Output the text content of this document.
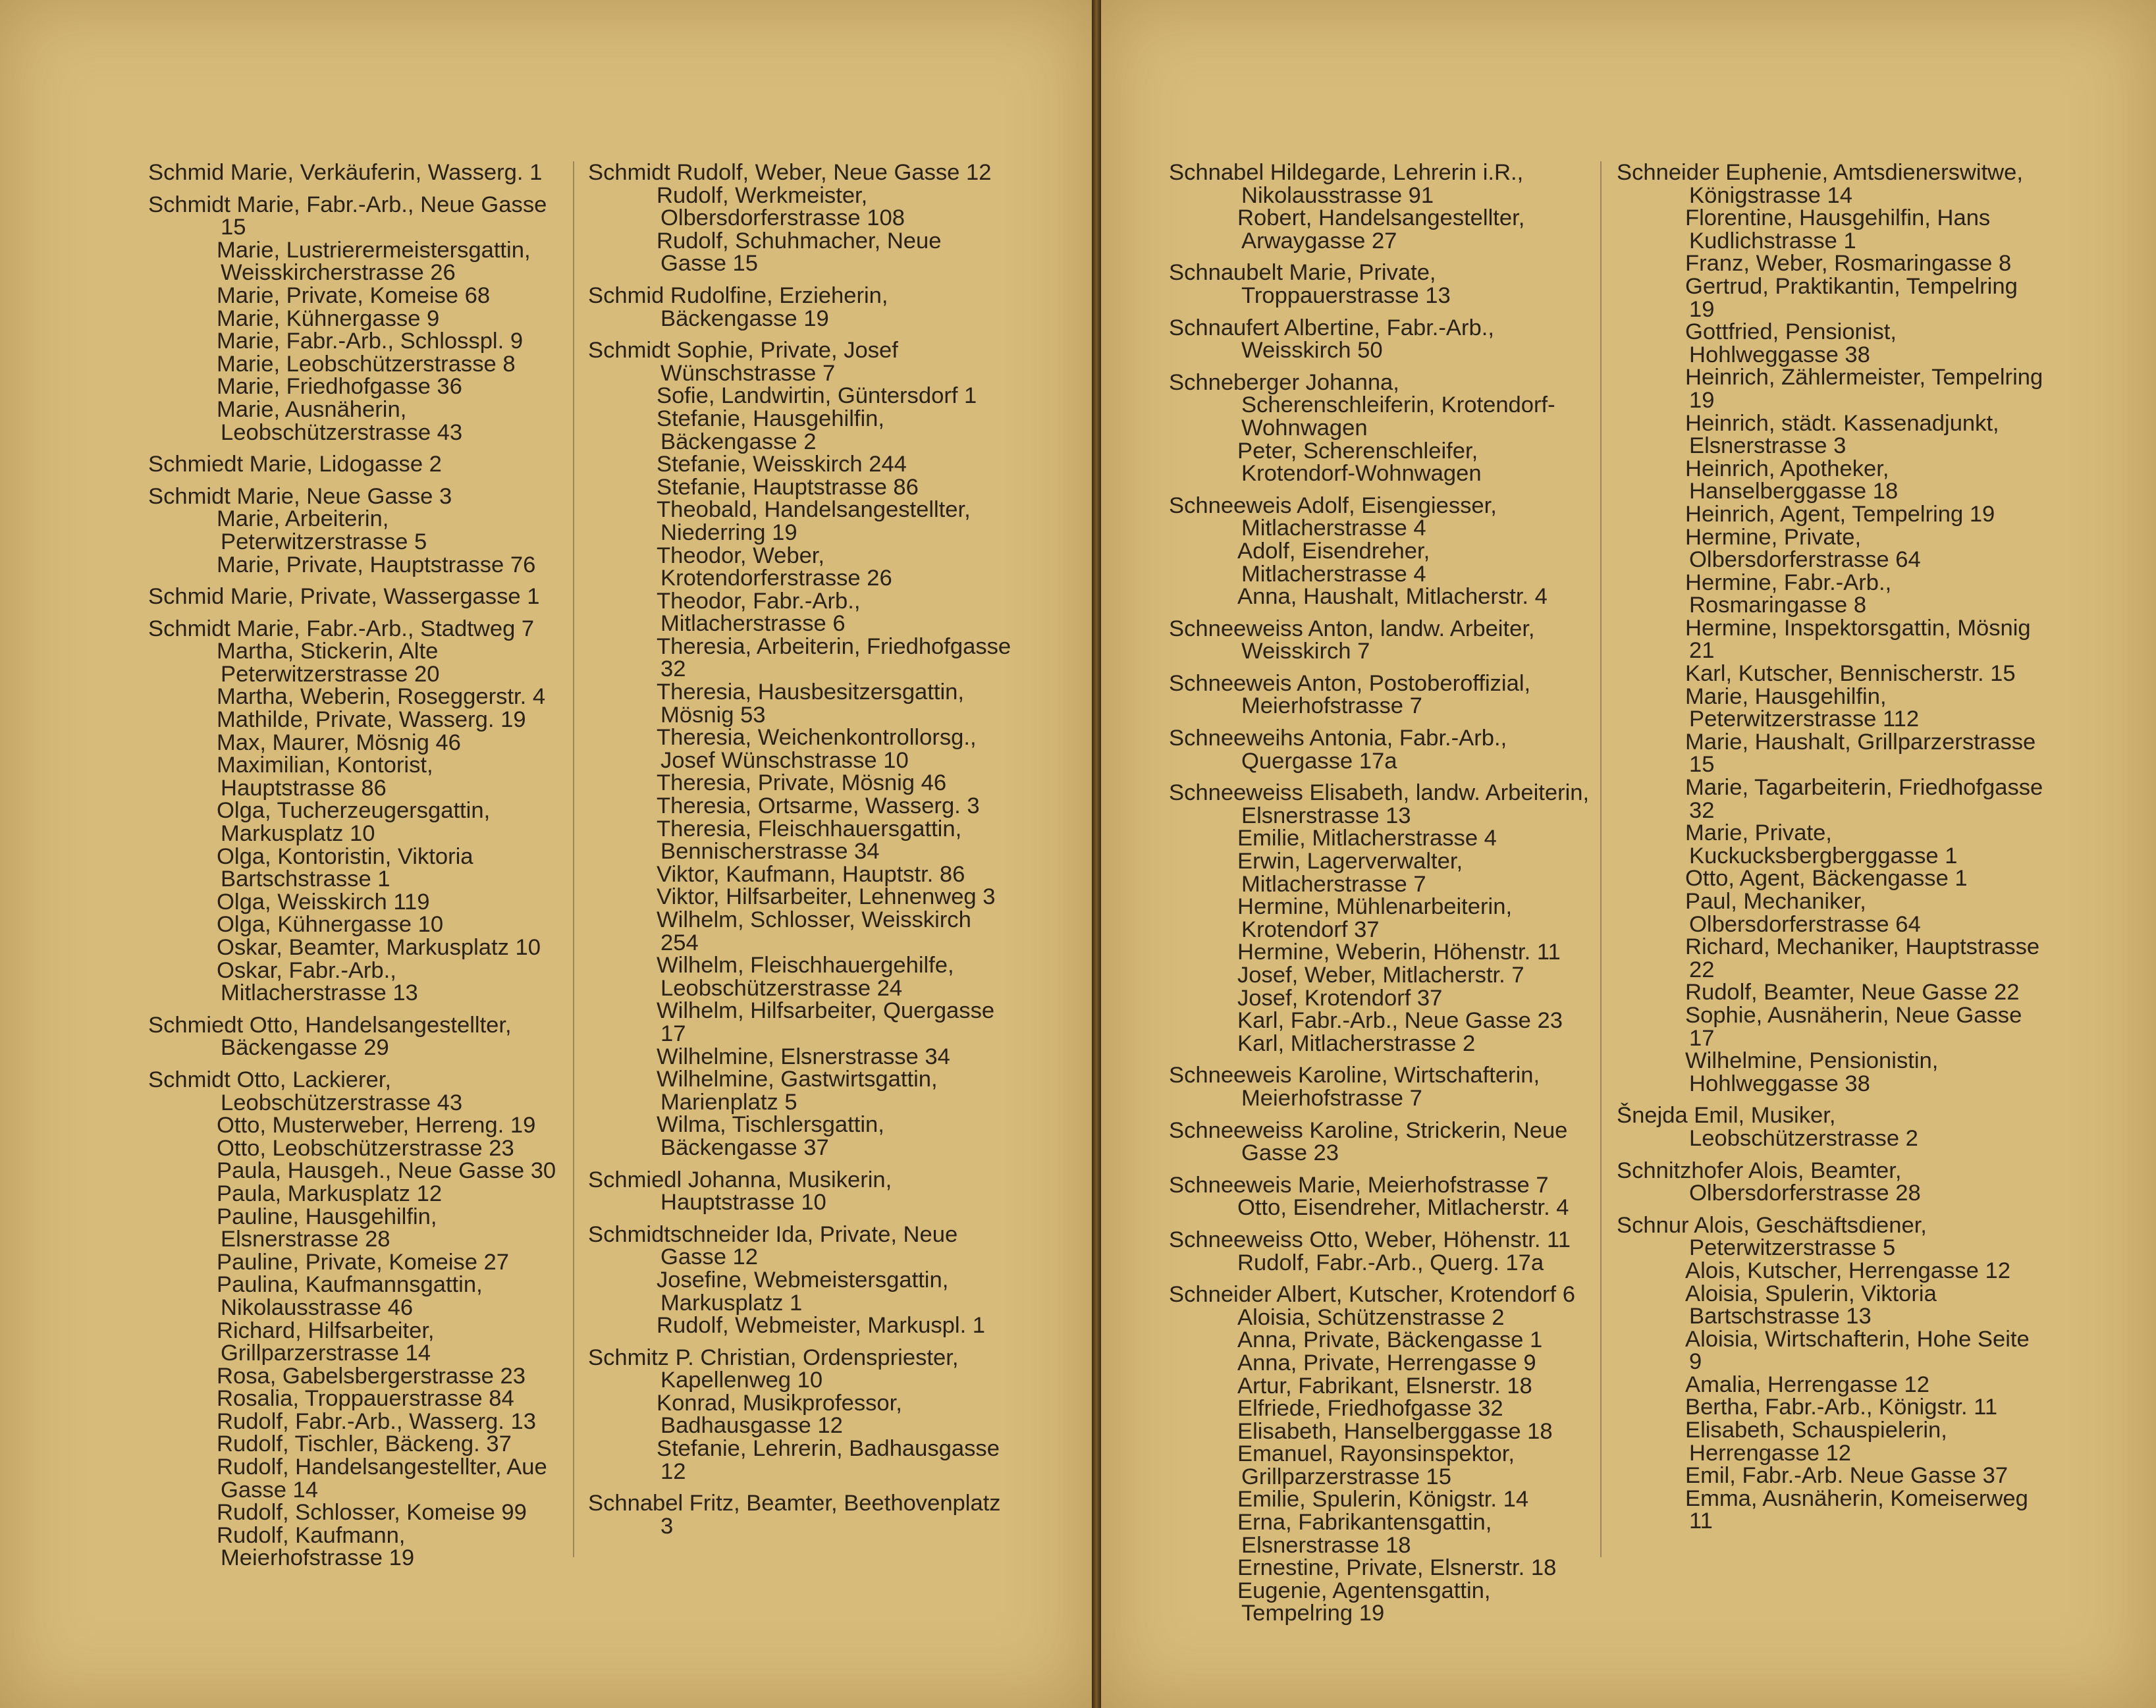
Schmid Marie, Verkäuferin, Wasserg. 1

Schmidt Marie, Fabr.-Arb., Neue Gasse 15

Marie, Lustrierermeistersgattin, Weisskircherstrasse 26

Marie, Private, Komeise 68

Marie, Kühnergasse 9

Marie, Fabr.-Arb., Schlosspl. 9

Marie, Leobschützerstrasse 8

Marie, Friedhofgasse 36

Marie, Ausnäherin, Leobschützerstrasse 43

Schmiedt Marie, Lidogasse 2

Schmidt Marie, Neue Gasse 3

Marie, Arbeiterin, Peterwitzerstrasse 5

Marie, Private, Hauptstrasse 76

Schmid Marie, Private, Wassergasse 1

Schmidt Marie, Fabr.-Arb., Stadtweg 7

Martha, Stickerin, Alte Peterwitzerstrasse 20

Martha, Weberin, Roseggerstr. 4

Mathilde, Private, Wasserg. 19

Max, Maurer, Mösnig 46

Maximilian, Kontorist, Hauptstrasse 86

Olga, Tucherzeugersgattin, Markusplatz 10

Olga, Kontoristin, Viktoria Bartschstrasse 1

Olga, Weisskirch 119

Olga, Kühnergasse 10

Oskar, Beamter, Markusplatz 10

Oskar, Fabr.-Arb., Mitlacherstrasse 13

Schmiedt Otto, Handelsangestellter, Bäckengasse 29

Schmidt Otto, Lackierer, Leobschützerstrasse 43

Otto, Musterweber, Herreng. 19

Otto, Leobschützerstrasse 23

Paula, Hausgeh., Neue Gasse 30

Paula, Markusplatz 12

Pauline, Hausgehilfin, Elsnerstrasse 28

Pauline, Private, Komeise 27

Paulina, Kaufmannsgattin, Nikolausstrasse 46

Richard, Hilfsarbeiter, Grillparzerstrasse 14

Rosa, Gabelsbergerstrasse 23

Rosalia, Troppauerstrasse 84

Rudolf, Fabr.-Arb., Wasserg. 13

Rudolf, Tischler, Bäckeng. 37

Rudolf, Handelsangestellter, Aue Gasse 14

Rudolf, Schlosser, Komeise 99

Rudolf, Kaufmann, Meierhofstrasse 19

Schmidt Rudolf, Weber, Neue Gasse 12

Rudolf, Werkmeister, Olbersdorferstrasse 108

Rudolf, Schuhmacher, Neue Gasse 15

Schmid Rudolfine, Erzieherin, Bäckengasse 19

Schmidt Sophie, Private, Josef Wünschstrasse 7

Sofie, Landwirtin, Güntersdorf 1

Stefanie, Hausgehilfin, Bäckengasse 2

Stefanie, Weisskirch 244

Stefanie, Hauptstrasse 86

Theobald, Handelsangestellter, Niederring 19

Theodor, Weber, Krotendorferstrasse 26

Theodor, Fabr.-Arb., Mitlacherstrasse 6

Theresia, Arbeiterin, Friedhofgasse 32

Theresia, Hausbesitzersgattin, Mösnig 53

Theresia, Weichenkontrollorsg., Josef Wünschstrasse 10

Theresia, Private, Mösnig 46

Theresia, Ortsarme, Wasserg. 3

Theresia, Fleischhauersgattin, Bennischerstrasse 34

Viktor, Kaufmann, Hauptstr. 86

Viktor, Hilfsarbeiter, Lehnenweg 3

Wilhelm, Schlosser, Weisskirch 254

Wilhelm, Fleischhauergehilfe, Leobschützerstrasse 24

Wilhelm, Hilfsarbeiter, Quergasse 17

Wilhelmine, Elsnerstrasse 34

Wilhelmine, Gastwirtsgattin, Marienplatz 5

Wilma, Tischlersgattin, Bäckengasse 37

Schmiedl Johanna, Musikerin, Hauptstrasse 10

Schmidtschneider Ida, Private, Neue Gasse 12

Josefine, Webmeistersgattin, Markusplatz 1

Rudolf, Webmeister, Markuspl. 1

Schmitz P. Christian, Ordenspriester, Kapellenweg 10

Konrad, Musikprofessor, Badhausgasse 12

Stefanie, Lehrerin, Badhausgasse 12

Schnabel Fritz, Beamter, Beethovenplatz 3

Schnabel Hildegarde, Lehrerin i.R., Nikolausstrasse 91

Robert, Handelsangestellter, Arwaygasse 27

Schnaubelt Marie, Private, Troppauerstrasse 13

Schnaufert Albertine, Fabr.-Arb., Weisskirch 50

Schneberger Johanna, Scherenschleiferin, Krotendorf-Wohnwagen

Peter, Scherenschleifer, Krotendorf-Wohnwagen

Schneeweis Adolf, Eisengiesser, Mitlacherstrasse 4

Adolf, Eisendreher, Mitlacherstrasse 4

Anna, Haushalt, Mitlacherstr. 4

Schneeweiss Anton, landw. Arbeiter, Weisskirch 7

Schneeweis Anton, Postoberoffizial, Meierhofstrasse 7

Schneeweihs Antonia, Fabr.-Arb., Quergasse 17a

Schneeweiss Elisabeth, landw. Arbeiterin, Elsnerstrasse 13

Emilie, Mitlacherstrasse 4

Erwin, Lagerverwalter, Mitlacherstrasse 7

Hermine, Mühlenarbeiterin, Krotendorf 37

Hermine, Weberin, Höhenstr. 11

Josef, Weber, Mitlacherstr. 7

Josef, Krotendorf 37

Karl, Fabr.-Arb., Neue Gasse 23

Karl, Mitlacherstrasse 2

Schneeweis Karoline, Wirtschafterin, Meierhofstrasse 7

Schneeweiss Karoline, Strickerin, Neue Gasse 23

Schneeweis Marie, Meierhofstrasse 7

Otto, Eisendreher, Mitlacherstr. 4

Schneeweiss Otto, Weber, Höhenstr. 11

Rudolf, Fabr.-Arb., Querg. 17a

Schneider Albert, Kutscher, Krotendorf 6

Aloisia, Schützenstrasse 2

Anna, Private, Bäckengasse 1

Anna, Private, Herrengasse 9

Artur, Fabrikant, Elsnerstr. 18

Elfriede, Friedhofgasse 32

Elisabeth, Hanselberggasse 18

Emanuel, Rayonsinspektor, Grillparzerstrasse 15

Emilie, Spulerin, Königstr. 14

Erna, Fabrikantensgattin, Elsnerstrasse 18

Ernestine, Private, Elsnerstr. 18

Eugenie, Agentensgattin, Tempelring 19

Schneider Euphenie, Amtsdienerswitwe, Königstrasse 14

Florentine, Hausgehilfin, Hans Kudlichstrasse 1

Franz, Weber, Rosmaringasse 8

Gertrud, Praktikantin, Tempelring 19

Gottfried, Pensionist, Hohlweggasse 38

Heinrich, Zählermeister, Tempelring 19

Heinrich, städt. Kassenadjunkt, Elsnerstrasse 3

Heinrich, Apotheker, Hanselberggasse 18

Heinrich, Agent, Tempelring 19

Hermine, Private, Olbersdorferstrasse 64

Hermine, Fabr.-Arb., Rosmaringasse 8

Hermine, Inspektorsgattin, Mösnig 21

Karl, Kutscher, Bennischerstr. 15

Marie, Hausgehilfin, Peterwitzerstrasse 112

Marie, Haushalt, Grillparzerstrasse 15

Marie, Tagarbeiterin, Friedhofgasse 32

Marie, Private, Kuckucksbergberggasse 1

Otto, Agent, Bäckengasse 1

Paul, Mechaniker, Olbersdorferstrasse 64

Richard, Mechaniker, Hauptstrasse 22

Rudolf, Beamter, Neue Gasse 22

Sophie, Ausnäherin, Neue Gasse 17

Wilhelmine, Pensionistin, Hohlweggasse 38

Šnejda Emil, Musiker, Leobschützerstrasse 2

Schnitzhofer Alois, Beamter, Olbersdorferstrasse 28

Schnur Alois, Geschäftsdiener, Peterwitzerstrasse 5

Alois, Kutscher, Herrengasse 12

Aloisia, Spulerin, Viktoria Bartschstrasse 13

Aloisia, Wirtschafterin, Hohe Seite 9

Amalia, Herrengasse 12

Bertha, Fabr.-Arb., Königstr. 11

Elisabeth, Schauspielerin, Herrengasse 12

Emil, Fabr.-Arb. Neue Gasse 37

Emma, Ausnäherin, Komeiserweg 11
